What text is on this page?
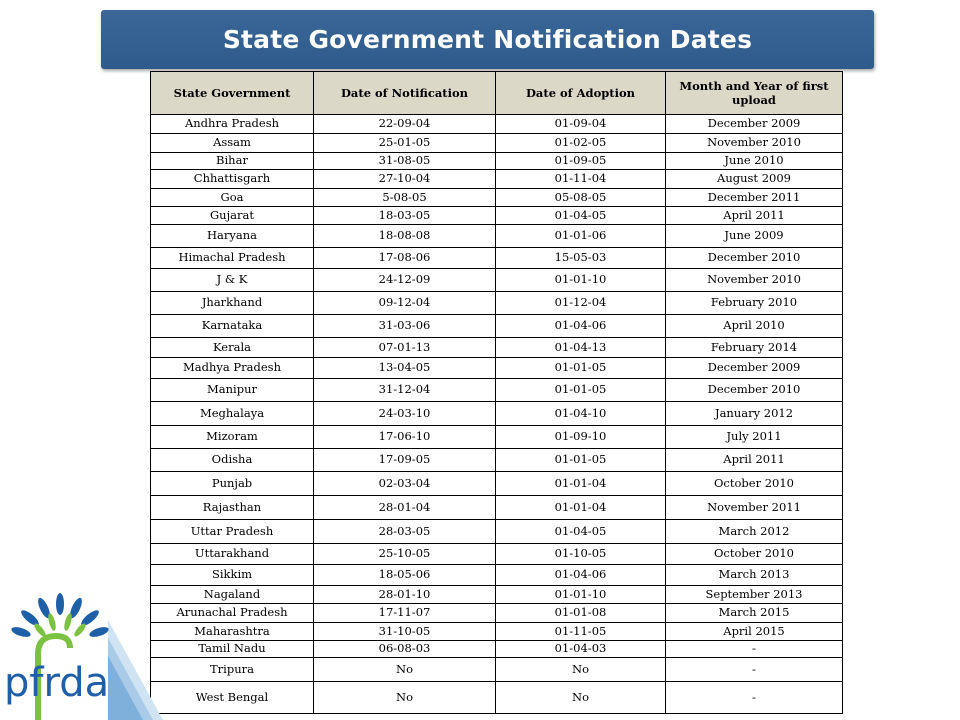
State Government Notification Dates
State Government	Date of Notification	Date of Adoption	Month and Year of first upload
Andhra Pradesh	22-09-04	01-09-04	December 2009
Assam	25-01-05	01-02-05	November 2010
Bihar	31-08-05	01-09-05	June 2010
Chhattisgarh	27-10-04	01-11-04	August 2009
Goa	5-08-05	05-08-05	December 2011
Gujarat	18-03-05	01-04-05	April 2011
Haryana	18-08-08	01-01-06	June 2009
Himachal Pradesh	17-08-06	15-05-03	December 2010
J & K	24-12-09	01-01-10	November 2010
Jharkhand	09-12-04	01-12-04	February 2010
Karnataka	31-03-06	01-04-06	April 2010
Kerala	07-01-13	01-04-13	February 2014
Madhya Pradesh	13-04-05	01-01-05	December 2009
Manipur	31-12-04	01-01-05	December 2010
Meghalaya	24-03-10	01-04-10	January 2012
Mizoram	17-06-10	01-09-10	July 2011
Odisha	17-09-05	01-01-05	April 2011
Punjab	02-03-04	01-01-04	October 2010
Rajasthan	28-01-04	01-01-04	November 2011
Uttar Pradesh	28-03-05	01-04-05	March 2012
Uttarakhand	25-10-05	01-10-05	October 2010
Sikkim	18-05-06	01-04-06	March 2013
Nagaland	28-01-10	01-01-10	September 2013
Arunachal Pradesh	17-11-07	01-01-08	March 2015
Maharashtra	31-10-05	01-11-05	April 2015
Tamil Nadu	06-08-03	01-04-03	-
Tripura	No	No	-
West Bengal	No	No	-
pfrda
